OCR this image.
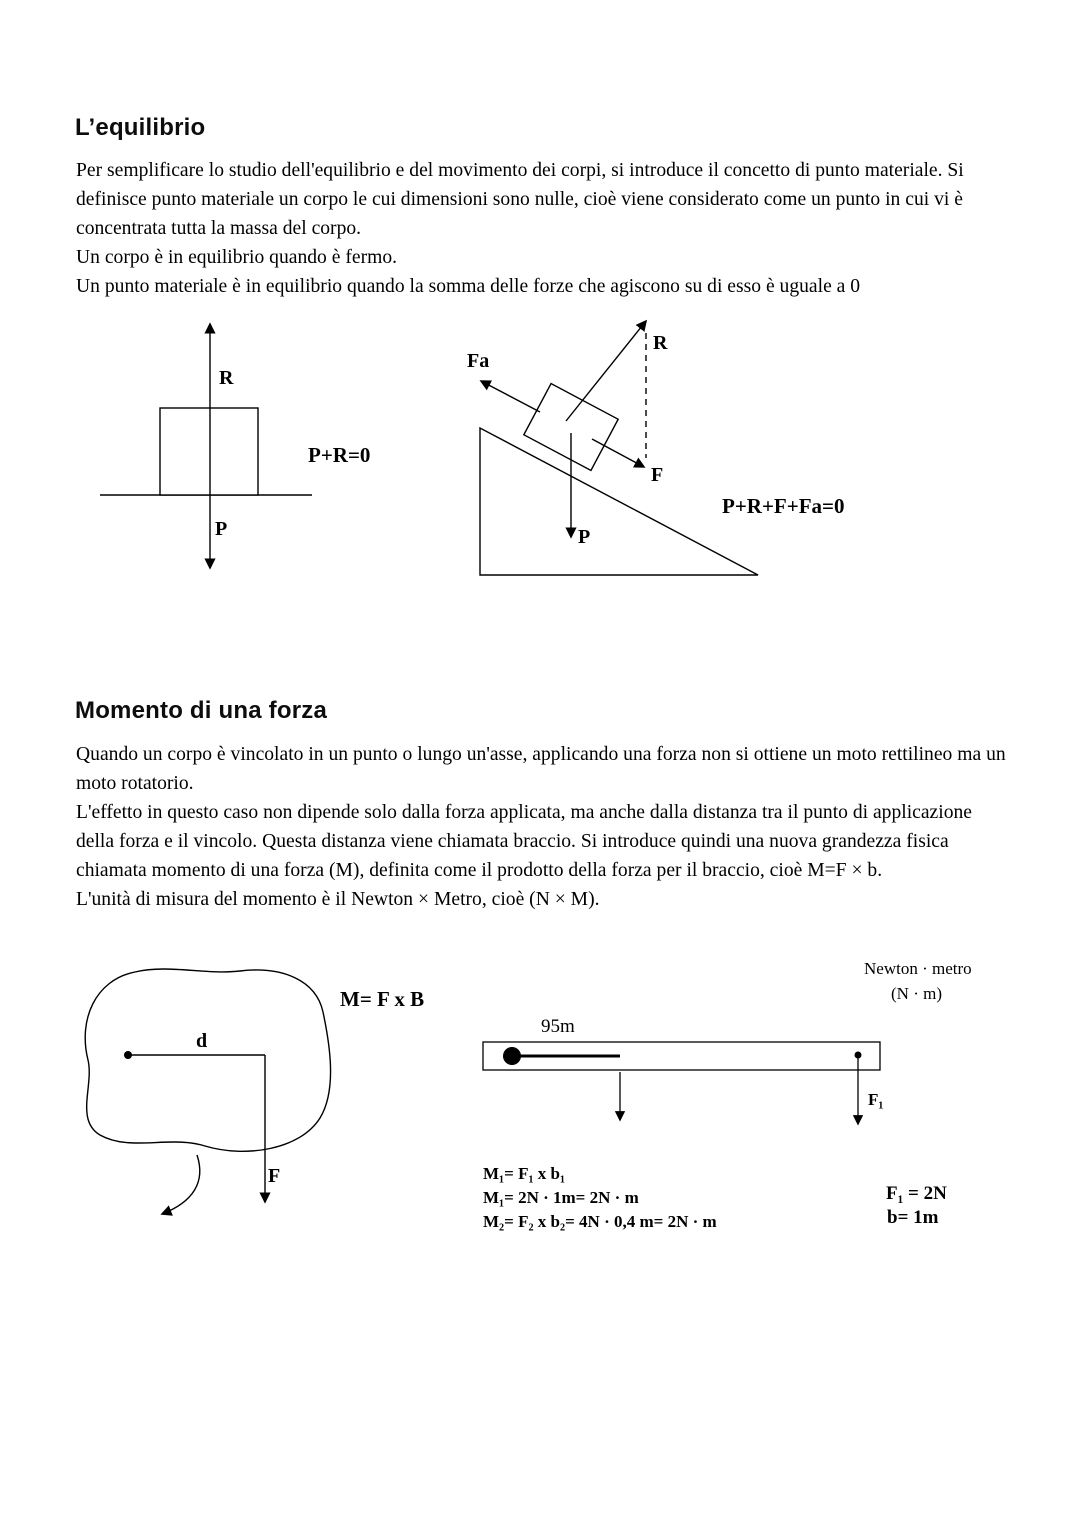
L’equilibrio

Per semplificare lo studio dell'equilibrio e del movimento dei corpi, si introduce il concetto di punto materiale. Si definisce punto materiale un corpo le cui dimensioni sono nulle, cioè viene considerato come un punto in cui vi è concentrata tutta la massa del corpo.

Un corpo è in equilibrio quando è fermo.

Un punto materiale è in equilibrio quando la somma delle forze che agiscono su di esso è uguale a 0

R
P
P+R=0
Fa
R
F
P
P+R+F+Fa=0
Momento di una forza

Quando un corpo è vincolato in un punto o lungo un'asse, applicando una forza non si ottiene un moto rettilineo ma un moto rotatorio.

L'effetto in questo caso non dipende solo dalla forza applicata, ma anche dalla distanza tra il punto di applicazione della forza e il vincolo. Questa distanza viene chiamata braccio. Si introduce quindi una nuova grandezza fisica chiamata momento di una forza (M), definita come il prodotto della forza per il braccio, cioè M=F × b.

L'unità di misura del momento è il Newton × Metro, cioè (N × M).

M= F x B
d
F
Newton · metro
(N · m)
95m
F₁
M₁= F₁ x b₁
M₁= 2N · 1m= 2N · m
M₂= F₂ x b₂= 4N · 0,4 m= 2N · m
F₁ = 2N
b= 1m
